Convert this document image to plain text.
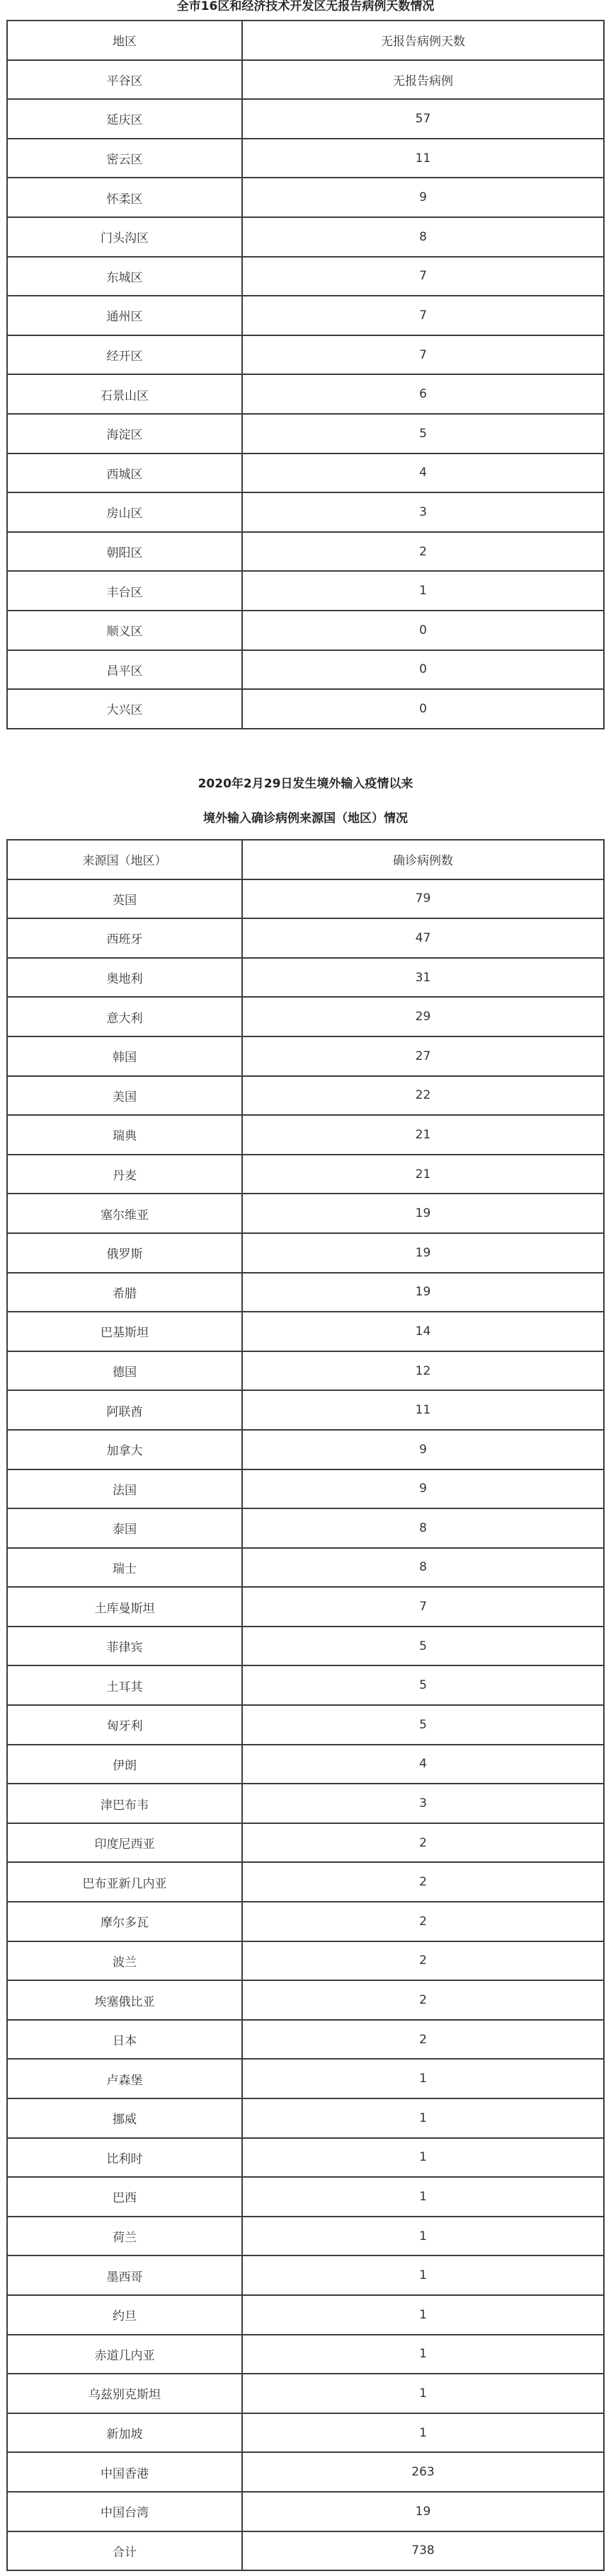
全市16区和经济技术开发区无报告病例天数情况
地区	无报告病例天数
平谷区	无报告病例
延庆区	57
密云区	11
怀柔区	9
门头沟区	8
东城区	7
通州区	7
经开区	7
石景山区	6
海淀区	5
西城区	4
房山区	3
朝阳区	2
丰台区	1
顺义区	0
昌平区	0
大兴区	0
2020年2月29日发生境外输入疫情以来
境外输入确诊病例来源国（地区）情况
来源国（地区）	确诊病例数
英国	79
西班牙	47
奥地利	31
意大利	29
韩国	27
美国	22
瑞典	21
丹麦	21
塞尔维亚	19
俄罗斯	19
希腊	19
巴基斯坦	14
德国	12
阿联酋	11
加拿大	9
法国	9
泰国	8
瑞士	8
土库曼斯坦	7
菲律宾	5
土耳其	5
匈牙利	5
伊朗	4
津巴布韦	3
印度尼西亚	2
巴布亚新几内亚	2
摩尔多瓦	2
波兰	2
埃塞俄比亚	2
日本	2
卢森堡	1
挪威	1
比利时	1
巴西	1
荷兰	1
墨西哥	1
约旦	1
赤道几内亚	1
乌兹别克斯坦	1
新加坡	1
中国香港	263
中国台湾	19
合计	738
